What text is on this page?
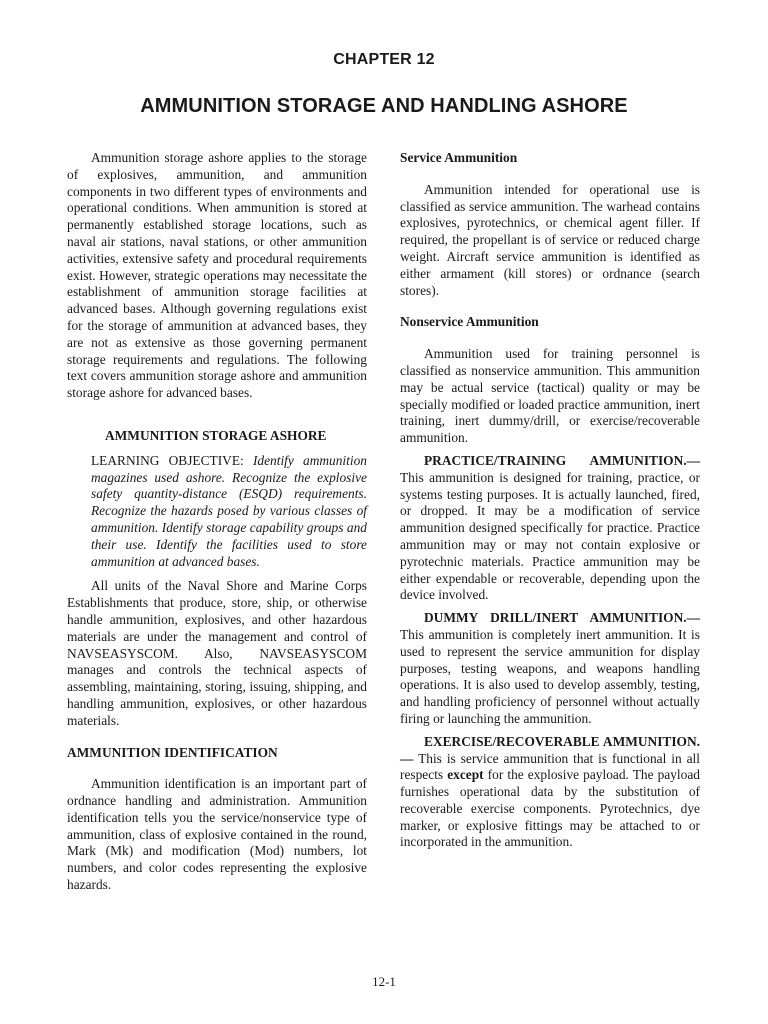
CHAPTER 12
AMMUNITION STORAGE AND HANDLING ASHORE

Ammunition storage ashore applies to the storage of explosives, ammunition, and ammunition components in two different types of environments and operational conditions. When ammunition is stored at permanently established storage locations, such as naval air stations, naval stations, or other ammunition activities, extensive safety and procedural requirements exist. However, strategic operations may necessitate the establishment of ammunition storage facilities at advanced bases. Although governing regulations exist for the storage of ammunition at advanced bases, they are not as extensive as those governing permanent storage requirements and regulations. The following text covers ammunition storage ashore and ammunition storage ashore for advanced bases.

AMMUNITION STORAGE ASHORE

LEARNING OBJECTIVE: Identify ammunition magazines used ashore. Recognize the explosive safety quantity-distance (ESQD) requirements. Recognize the hazards posed by various classes of ammunition. Identify storage capability groups and their use. Identify the facilities used to store ammunition at advanced bases.

All units of the Naval Shore and Marine Corps Establishments that produce, store, ship, or otherwise handle ammunition, explosives, and other hazardous materials are under the management and control of NAVSEASYSCOM. Also, NAVSEASYSCOM manages and controls the technical aspects of assembling, maintaining, storing, issuing, shipping, and handling ammunition, explosives, or other hazardous materials.

AMMUNITION IDENTIFICATION

Ammunition identification is an important part of ordnance handling and administration. Ammunition identification tells you the service/nonservice type of ammunition, class of explosive contained in the round, Mark (Mk) and modification (Mod) numbers, lot numbers, and color codes representing the explosive hazards.

Service Ammunition

Ammunition intended for operational use is classified as service ammunition. The warhead contains explosives, pyrotechnics, or chemical agent filler. If required, the propellant is of service or reduced charge weight. Aircraft service ammunition is identified as either armament (kill stores) or ordnance (search stores).

Nonservice Ammunition

Ammunition used for training personnel is classified as nonservice ammunition. This ammunition may be actual service (tactical) quality or may be specially modified or loaded practice ammunition, inert training, inert dummy/drill, or exercise/recoverable ammunition.

PRACTICE/TRAINING AMMUNITION.— This ammunition is designed for training, practice, or systems testing purposes. It is actually launched, fired, or dropped. It may be a modification of service ammunition designed specifically for practice. Practice ammunition may or may not contain explosive or pyrotechnic materials. Practice ammunition may be either expendable or recoverable, depending upon the device involved.

DUMMY DRILL/INERT AMMUNITION.— This ammunition is completely inert ammunition. It is used to represent the service ammunition for display purposes, testing weapons, and weapons handling operations. It is also used to develop assembly, testing, and handling proficiency of personnel without actually firing or launching the ammunition.

EXERCISE/RECOVERABLE AMMUNITION.— This is service ammunition that is functional in all respects except for the explosive payload. The payload furnishes operational data by the substitution of recoverable exercise components. Pyrotechnics, dye marker, or explosive fittings may be attached to or incorporated in the ammunition.

12-1
